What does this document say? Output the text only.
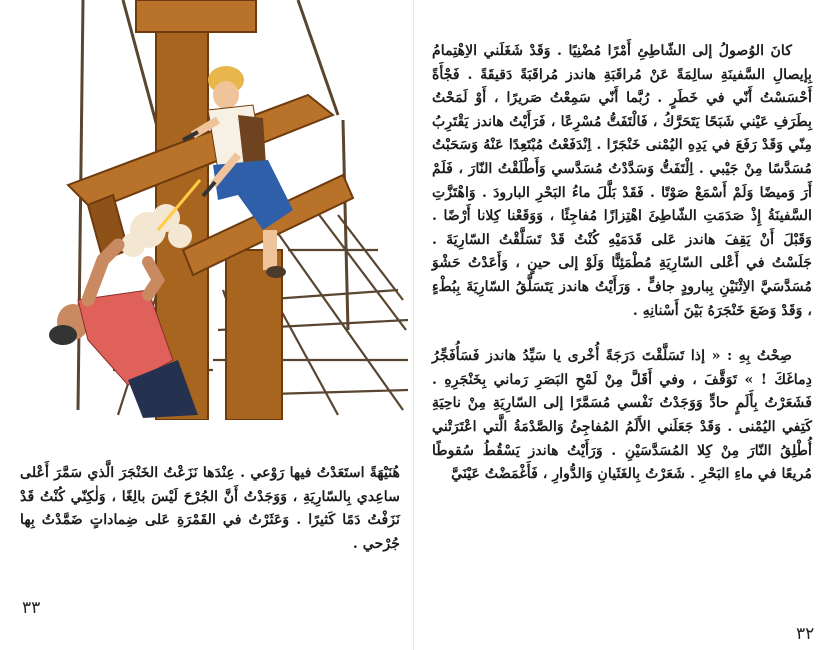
هُنَيْهَةً استَعَدْتُ فيها رَوْعي . عِنْدَها نَزَعْتُ الخَنْجَرَ الَّذي سَمَّرَ أَعْلى ساعِدي بِالسّارِيَةِ ، وَوَجَدْتُ أَنَّ الجُرْحَ لَيْسَ بالِغًا ، وَلٰكِنّي كُنْتُ قَدْ نَزَفْتُ دَمًا كَثيرًا . وَعَثَرْتُ في القَمْرَةِ عَلى ضِماداتٍ ضَمَّدْتُ بِها جُرْحي .

٣٣

كانَ الوُصولُ إلى الشّاطِئِ أَمْرًا مُضْنِيًا . وَقَدْ شَغَلَني الاِهْتِمامُ بِإيصالِ السَّفينَةِ سالِمَةً عَنْ مُراقَبَةِ هاندز مُراقَبَةً دَقيقَةً . فَجْأَةً أَحْسَسْتُ أَنّي في خَطَرٍ . رُبَّما أَنّي سَمِعْتُ صَريرًا ، أَوْ لَمَحْتُ بِطَرَفِ عَيْني شَبَحًا يَتَحَرَّكُ ، فَالْتَفَتُّ مُسْرِعًا ، فَرَأَيْتُ هاندز يَقْتَرِبُ مِنّي وَقَدْ رَفَعَ في يَدِهِ اليُمْنى خَنْجَرًا . اِنْدَفَعْتُ مُبْتَعِدًا عَنْهُ وَسَحَبْتُ مُسَدَّسًا مِنْ جَيْبي . اِلْتَفَتُّ وَسَدَّدْتُ مُسَدَّسي وَأَطْلَقْتُ النّارَ ، فَلَمْ أَرَ وَميضًا وَلَمْ أَسْمَعْ صَوْتًا . فَقَدْ بَلَّلَ ماءُ البَحْرِ البارودَ . وَاهْتَزَّتِ السَّفينَةُ إِذْ صَدَمَتِ الشّاطِئَ اهْتِزازًا مُفاجِئًا ، وَوَقَعْنا كِلانا أَرْضًا . وَقَبْلَ أَنْ يَقِفَ هاندز عَلى قَدَمَيْهِ كُنْتُ قَدْ تَسَلَّقْتُ السّارِيَةَ . جَلَسْتُ في أَعْلى السّارِيَةِ مُطْمَئِنًّا وَلَوْ إلى حينٍ ، وَأَعَدْتُ حَشْوَ مُسَدَّسَيَّ الاِثْنَيْنِ بِبارودٍ جافٍّ . وَرَأَيْتُ هاندز يَتَسَلَّقُ السّارِيَةَ بِبُطْءٍ ، وَقَدْ وَضَعَ خَنْجَرَهُ بَيْنَ أَسْنانِهِ .

صِحْتُ بِهِ : « إذا تَسَلَّقْتَ دَرَجَةً أُخْرى يا سَيِّدُ هاندز فَسَأُفَجِّرُ دِماغَكَ ! » تَوَقَّفَ ، وفي أَقَلَّ مِنْ لَمْحِ البَصَرِ رَماني بِخَنْجَرِهِ . فَشَعَرْتُ بِأَلَمٍ حادٍّ وَوَجَدْتُ نَفْسي مُسَمَّرًا إلى السّارِيَةِ مِنْ ناحِيَةِ كَتِفي اليُمْنى . وَقَدْ جَعَلَني الأَلَمُ المُفاجِئُ وَالصَّدْمَةُ الَّتي اعْتَرَتْني أُطْلِقُ النّارَ مِنْ كِلا المُسَدَّسَيْنِ . وَرَأَيْتُ هاندز يَسْقُطُ سُقوطًا مُريعًا في ماءِ البَحْرِ . شَعَرْتُ بِالغَثَيانِ وَالدُّوارِ ، فَأَغْمَضْتُ عَيْنَيَّ

٣٢
